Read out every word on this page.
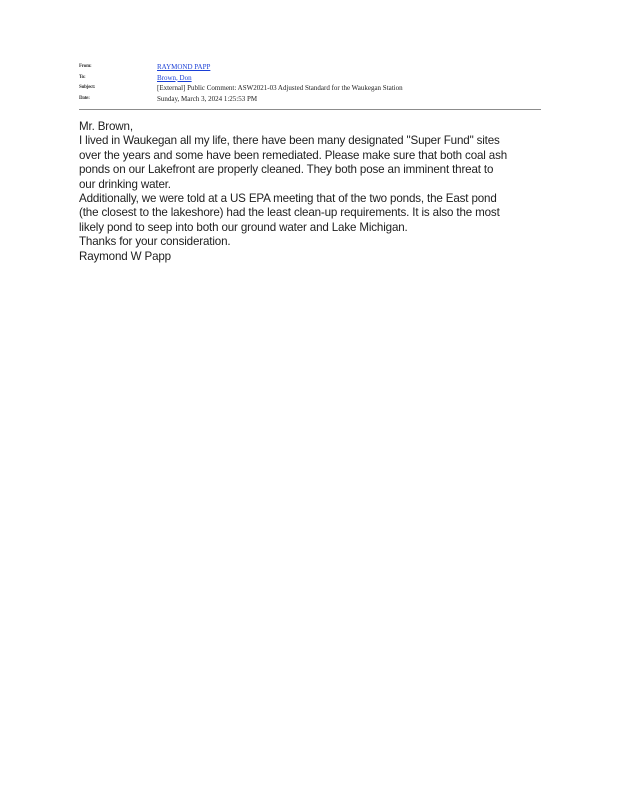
From:	RAYMOND PAPP
To:	Brown, Don
Subject:	[External] Public Comment: ASW2021-03 Adjusted Standard for the Waukegan Station
Date:	Sunday, March 3, 2024 1:25:53 PM
Mr. Brown,
I lived in Waukegan all my life, there have been many designated "Super Fund" sites
over the years and some have been remediated. Please make sure that both coal ash
ponds on our Lakefront are properly cleaned. They both pose an imminent threat to
our drinking water.
Additionally, we were told at a US EPA meeting that of the two ponds, the East pond
(the closest to the lakeshore) had the least clean-up requirements. It is also the most
likely pond to seep into both our ground water and Lake Michigan.
Thanks for your consideration.
Raymond W Papp
